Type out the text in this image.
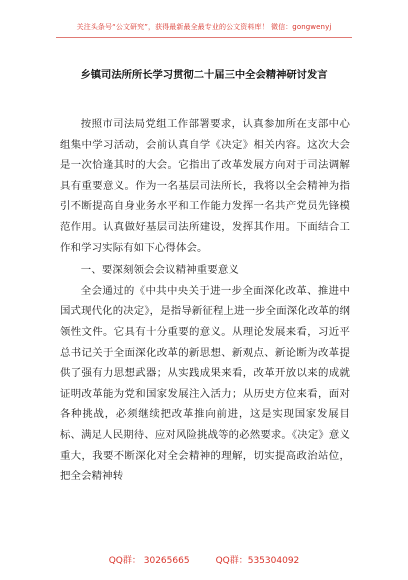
关注头条号“公文研究”，获得最新最全最专业的公文资料库！ 微信：gongwenyj
乡镇司法所所长学习贯彻二十届三中全会精神研讨发言

按照市司法局党组工作部署要求，认真参加所在支部中心组集中学习活动，会前认真自学《决定》相关内容。这次大会是一次恰逢其时的大会。它指出了改革发展方向对于司法调解具有重要意义。作为一名基层司法所长，我将以全会精神为指引不断提高自身业务水平和工作能力发挥一名共产党员先锋模范作用。认真做好基层司法所建设，发挥其作用。下面结合工作和学习实际有如下心得体会。

一、要深刻领会会议精神重要意义

全会通过的《中共中央关于进一步全面深化改革、推进中国式现代化的决定》，是指导新征程上进一步全面深化改革的纲领性文件。它具有十分重要的意义。从理论发展来看，习近平总书记关于全面深化改革的新思想、新观点、新论断为改革提供了强有力思想武器；从实践成果来看，改革开放以来的成就证明改革能为党和国家发展注入活力；从历史方位来看，面对各种挑战，必须继续把改革推向前进，这是实现国家发展目标、满足人民期待、应对风险挑战等的必然要求。《决定》意义重大，我要不断深化对全会精神的理解，切实提高政治站位，把全会精神转

QQ群： 30265665	QQ群：535304092
